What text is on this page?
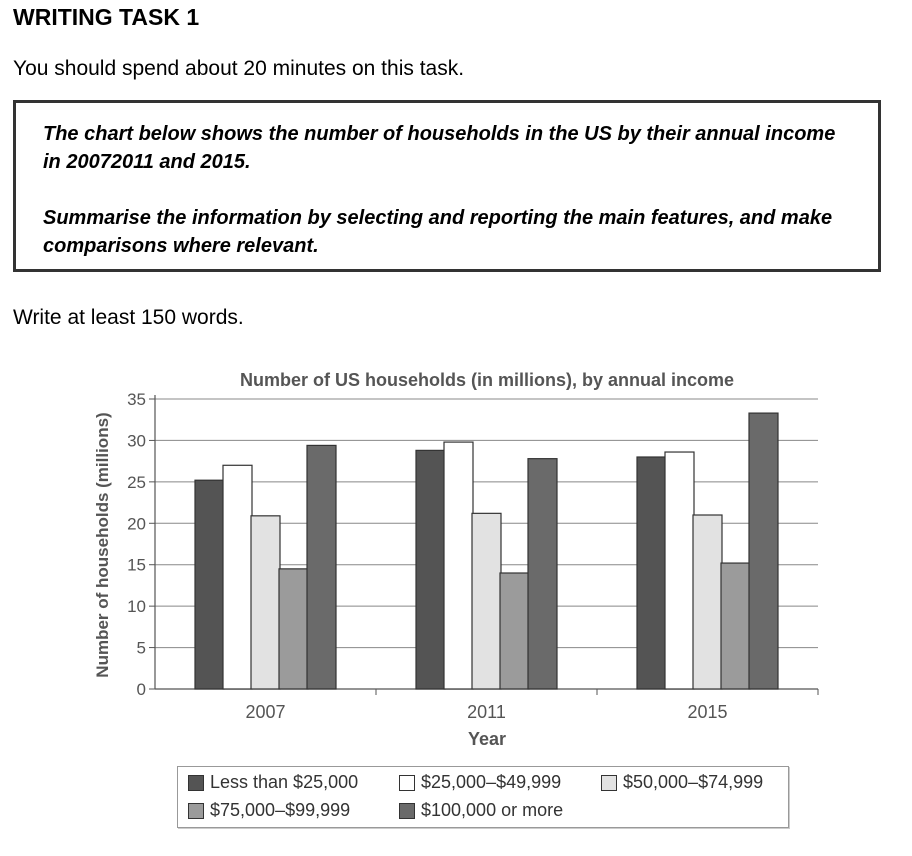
WRITING TASK 1
You should spend about 20 minutes on this task.

The chart below shows the number of households in the US by their annual income in 20072011 and 2015.

Summarise the information by selecting and reporting the main features, and make comparisons where relevant.

Write at least 150 words.
Number of US households (in millions), by annual income
0
5
10
15
20
25
30
35
2007	2011	2015
Year
Number of households (millions)
Less than $25,000	$25,000–$49,999	$50,000–$74,999
$75,000–$99,999	$100,000 or more
